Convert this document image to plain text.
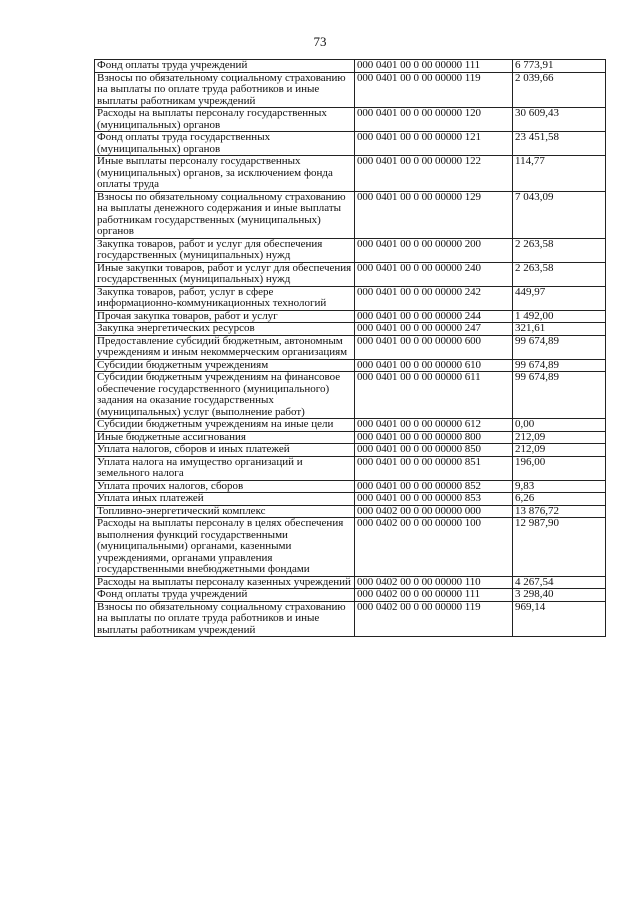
73
Фонд оплаты труда учреждений	000 0401 00 0 00 00000 111	6 773,91
Взносы по обязательному социальному страхованию на выплаты по оплате труда работников и иные выплаты работникам учреждений	000 0401 00 0 00 00000 119	2 039,66
Расходы на выплаты персоналу государственных (муниципальных) органов	000 0401 00 0 00 00000 120	30 609,43
Фонд оплаты труда государственных (муниципальных) органов	000 0401 00 0 00 00000 121	23 451,58
Иные выплаты персоналу государственных (муниципальных) органов, за исключением фонда оплаты труда	000 0401 00 0 00 00000 122	114,77
Взносы по обязательному социальному страхованию на выплаты денежного содержания и иные выплаты работникам государственных (муниципальных) органов	000 0401 00 0 00 00000 129	7 043,09
Закупка товаров, работ и услуг для обеспечения государственных (муниципальных) нужд	000 0401 00 0 00 00000 200	2 263,58
Иные закупки товаров, работ и услуг для обеспечения государственных (муниципальных) нужд	000 0401 00 0 00 00000 240	2 263,58
Закупка товаров, работ, услуг в сфере информационно-коммуникационных технологий	000 0401 00 0 00 00000 242	449,97
Прочая закупка товаров, работ и услуг	000 0401 00 0 00 00000 244	1 492,00
Закупка энергетических ресурсов	000 0401 00 0 00 00000 247	321,61
Предоставление субсидий бюджетным, автономным учреждениям и иным некоммерческим организациям	000 0401 00 0 00 00000 600	99 674,89
Субсидии бюджетным учреждениям	000 0401 00 0 00 00000 610	99 674,89
Субсидии бюджетным учреждениям на финансовое обеспечение государственного (муниципального) задания на оказание государственных (муниципальных) услуг (выполнение работ)	000 0401 00 0 00 00000 611	99 674,89
Субсидии бюджетным учреждениям на иные цели	000 0401 00 0 00 00000 612	0,00
Иные бюджетные ассигнования	000 0401 00 0 00 00000 800	212,09
Уплата налогов, сборов и иных платежей	000 0401 00 0 00 00000 850	212,09
Уплата налога на имущество организаций и земельного налога	000 0401 00 0 00 00000 851	196,00
Уплата прочих налогов, сборов	000 0401 00 0 00 00000 852	9,83
Уплата иных платежей	000 0401 00 0 00 00000 853	6,26
Топливно-энергетический комплекс	000 0402 00 0 00 00000 000	13 876,72
Расходы на выплаты персоналу в целях обеспечения выполнения функций государственными (муниципальными) органами, казенными учреждениями, органами управления государственными внебюджетными фондами	000 0402 00 0 00 00000 100	12 987,90
Расходы на выплаты персоналу казенных учреждений	000 0402 00 0 00 00000 110	4 267,54
Фонд оплаты труда учреждений	000 0402 00 0 00 00000 111	3 298,40
Взносы по обязательному социальному страхованию на выплаты по оплате труда работников и иные выплаты работникам учреждений	000 0402 00 0 00 00000 119	969,14
